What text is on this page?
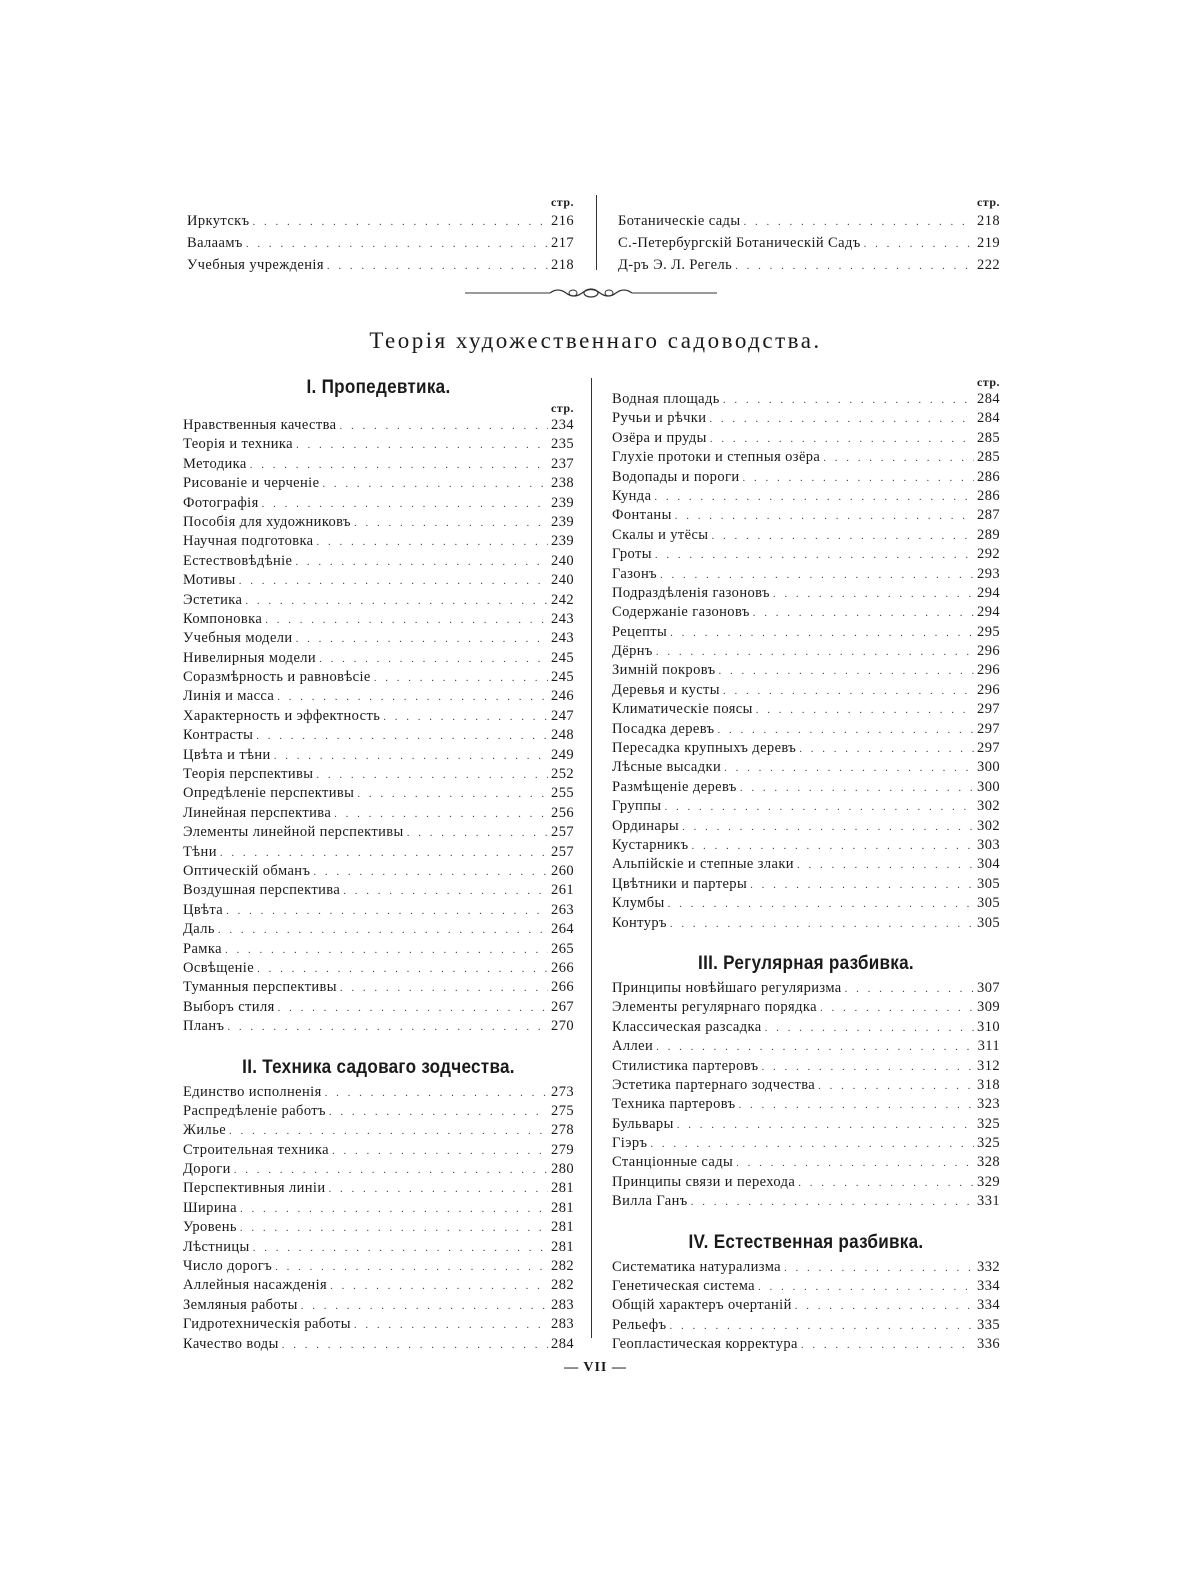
стр.
Иркутскъ . . .	216
Валаамъ . . .	217
Учебныя учрежденія . . .	218
стр.
Ботаническіе сады . . .	218
С.-Петербургскій Ботаническій Садъ . . .	219
Д-ръ Э. Л. Регель . . .	222
Теорія художественнаго садоводства.
I. Пропедевтика.
стр.
Нравственныя качества . . .	234
Теорія и техника . . .	235
Методика . . .	237
Рисованіе и черченіе . . .	238
Фотографія . . .	239
Пособія для художниковъ . . .	239
Научная подготовка . . .	239
Естествовѣдѣніе . . .	240
Мотивы . . .	240
Эстетика . . .	242
Компоновка . . .	243
Учебныя модели . . .	243
Нивелирныя модели . . .	245
Соразмѣрность и равновѣсіе . . .	245
Линія и масса . . .	246
Характерность и эффектность . . .	247
Контрасты . . .	248
Цвѣта и тѣни . . .	249
Теорія перспективы . . .	252
Опредѣленіе перспективы . . .	255
Линейная перспектива . . .	256
Элементы линейной перспективы . . .	257
Тѣни . . .	257
Оптическій обманъ . . .	260
Воздушная перспектива . . .	261
Цвѣта . . .	263
Даль . . .	264
Рамка . . .	265
Освѣщеніе . . .	266
Туманныя перспективы . . .	266
Выборъ стиля . . .	267
Планъ . . .	270
II. Техника садоваго зодчества.
Единство исполненія . . .	273
Распредѣленіе работъ . . .	275
Жилье . . .	278
Строительная техника . . .	279
Дороги . . .	280
Перспективныя линіи . . .	281
Ширина . . .	281
Уровень . . .	281
Лѣстницы . . .	281
Число дорогъ . . .	282
Аллейныя насажденія . . .	282
Земляныя работы . . .	283
Гидротехническія работы . . .	283
Качество воды . . .	284
стр.
Водная площадь . . .	284
Ручьи и рѣчки . . .	284
Озёра и пруды . . .	285
Глухіе протоки и степныя озёра . . .	285
Водопады и пороги . . .	286
Кунда . . .	286
Фонтаны . . .	287
Скалы и утёсы . . .	289
Гроты . . .	292
Газонъ . . .	293
Подраздѣленія газоновъ . . .	294
Содержаніе газоновъ . . .	294
Рецепты . . .	295
Дёрнъ . . .	296
Зимній покровъ . . .	296
Деревья и кусты . . .	296
Климатическіе поясы . . .	297
Посадка деревъ . . .	297
Пересадка крупныхъ деревъ . . .	297
Лѣсные высадки . . .	300
Размѣщеніе деревъ . . .	300
Группы . . .	302
Ординары . . .	302
Кустарникъ . . .	303
Альпійскіе и степные злаки . . .	304
Цвѣтники и партеры . . .	305
Клумбы . . .	305
Контуръ . . .	305
III. Регулярная разбивка.
Принципы новѣйшаго регуляризма . . .	307
Элементы регулярнаго порядка . . .	309
Классическая разсадка . . .	310
Аллеи . . .	311
Стилистика партеровъ . . .	312
Эстетика партернаго зодчества . . .	318
Техника партеровъ . . .	323
Бульвары . . .	325
Гіэръ . . .	325
Станціонные сады . . .	328
Принципы связи и перехода . . .	329
Вилла Ганъ . . .	331
IV. Естественная разбивка.
Систематика натурализма . . .	332
Генетическая система . . .	334
Общій характеръ очертаній . . .	334
Рельефъ . . .	335
Геопластическая корректура . . .	336
— VII —
